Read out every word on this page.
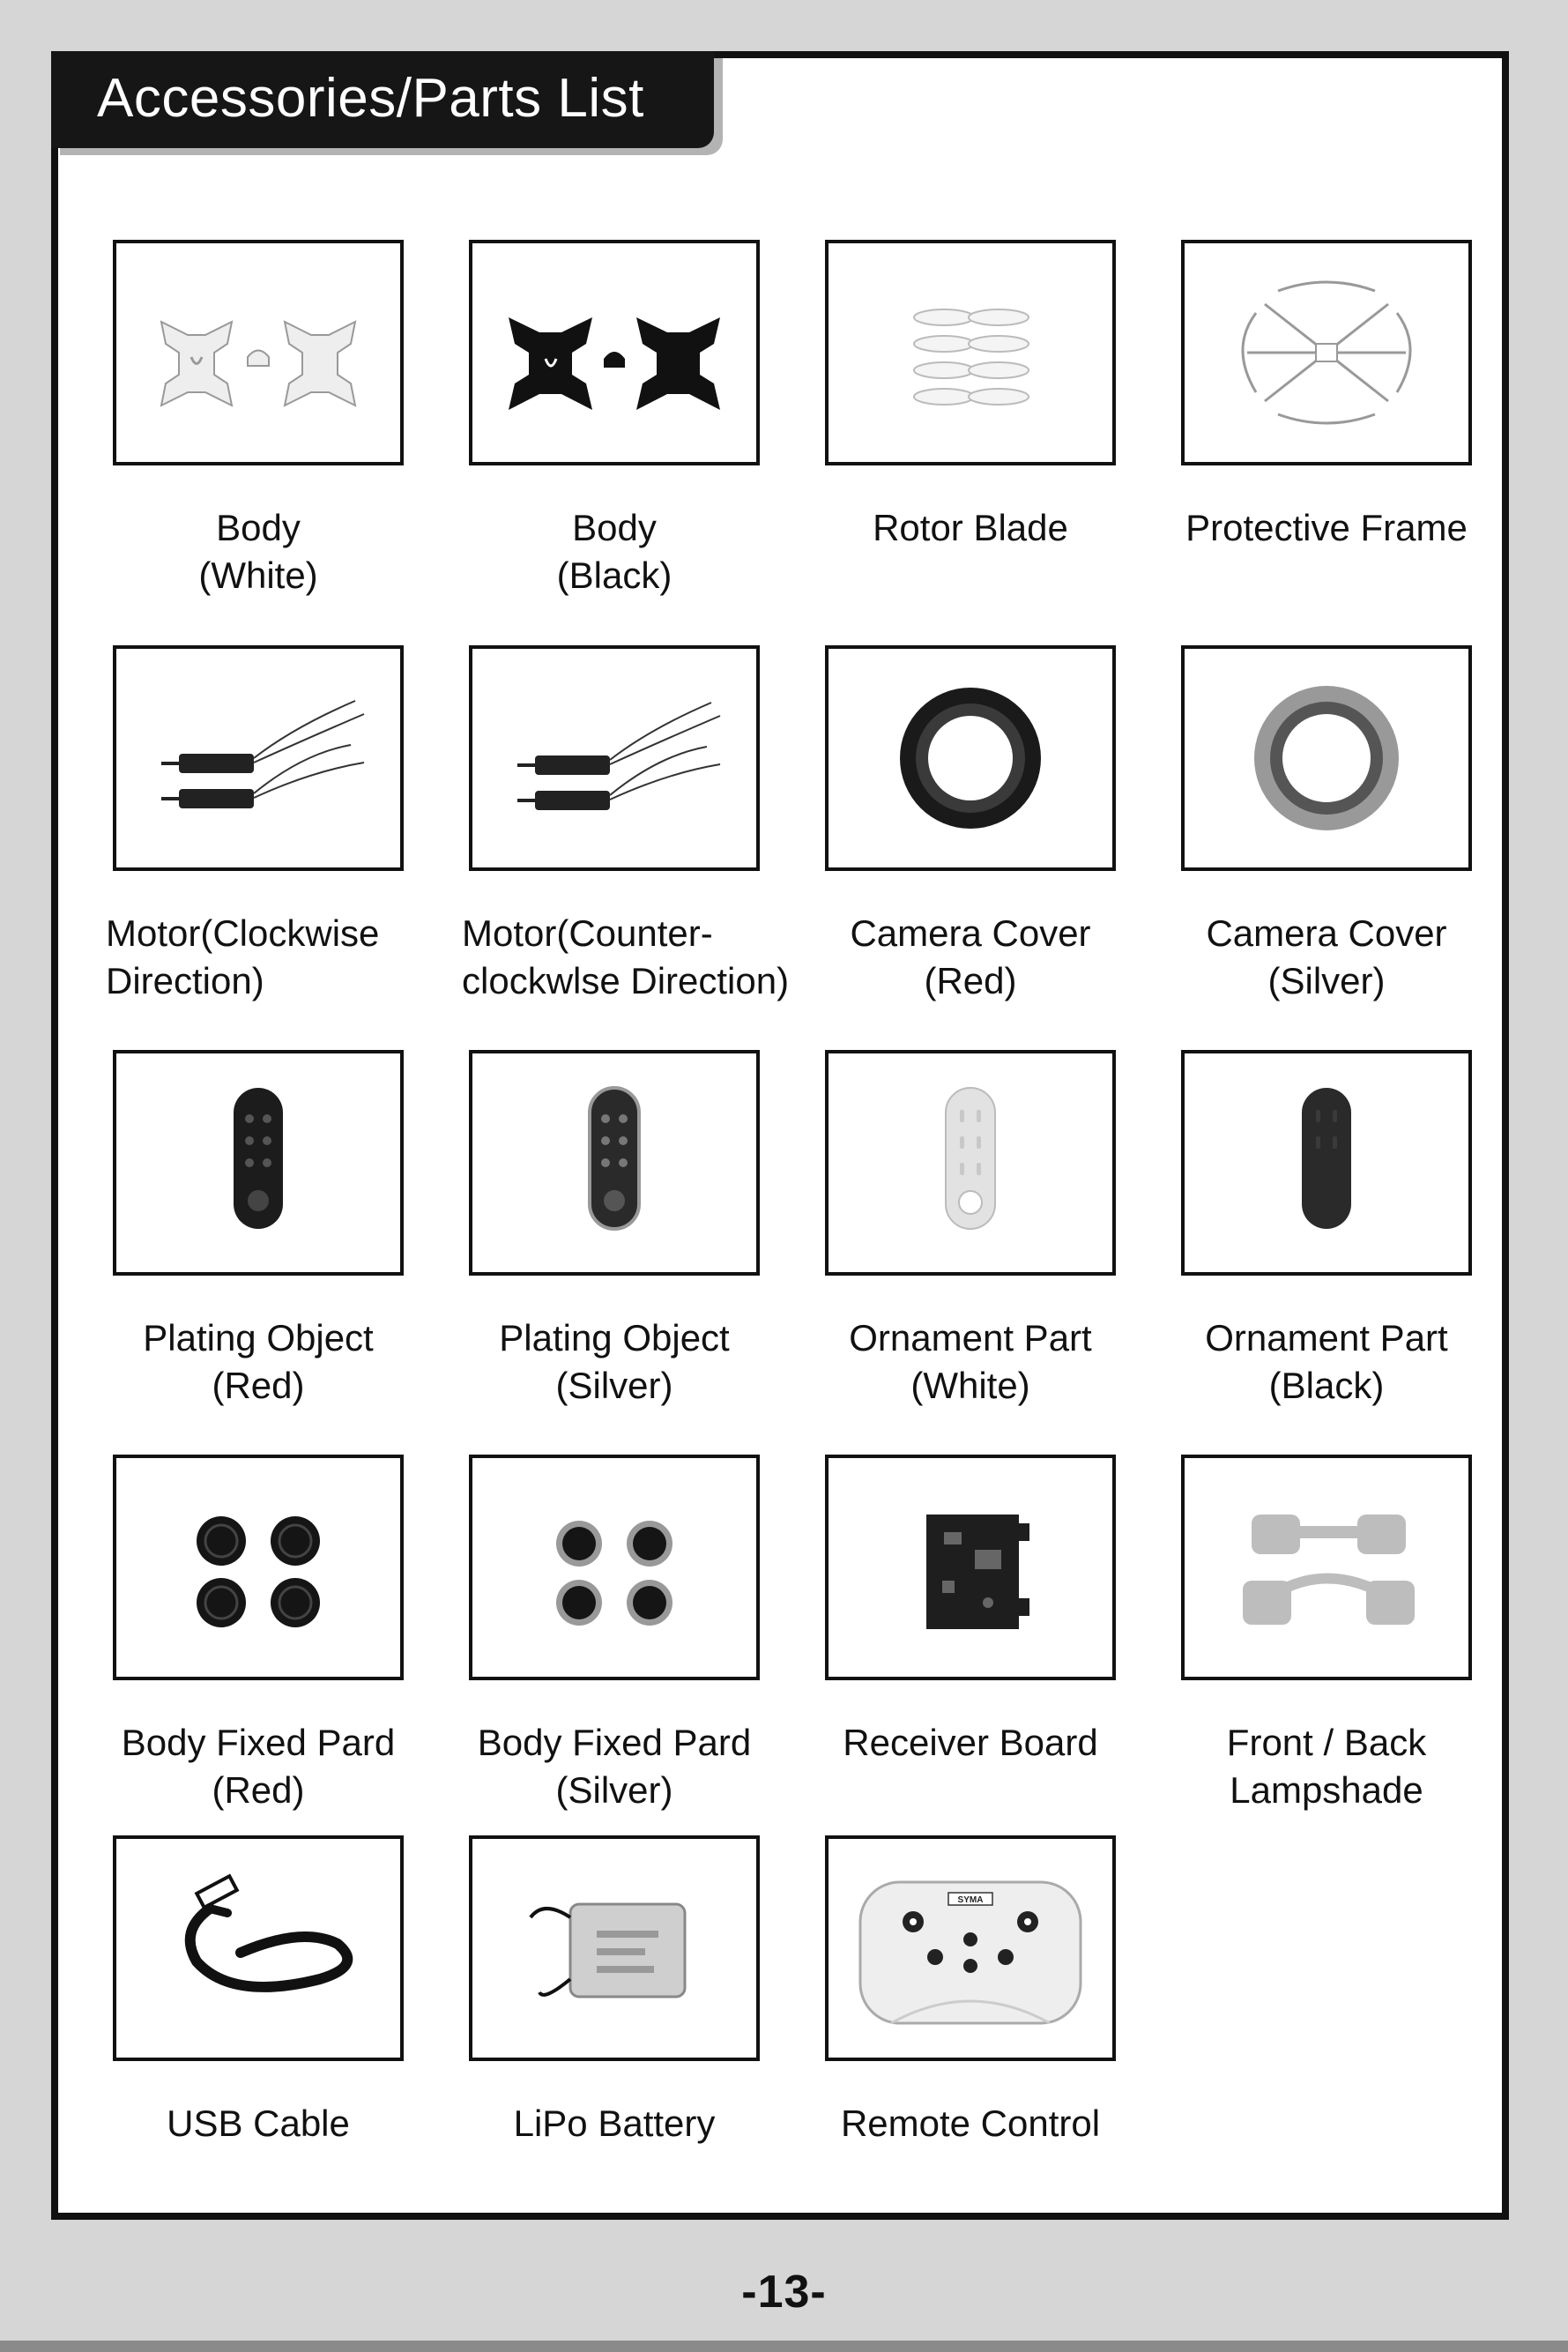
Accessories/Parts List
Body
(White)
Body
(Black)
Rotor Blade	Protective Frame
Motor(Clockwise
Direction)
Motor(Counter-
clockwlse Direction)
Camera Cover
(Red)
Camera Cover
(Silver)
Plating Object
(Red)
Plating Object
(Silver)
Ornament Part
(White)
Ornament Part
(Black)
Body Fixed Pard
(Red)
Body Fixed Pard
(Silver)
Receiver Board	Front / Back
Lampshade
USB Cable	LiPo Battery
SYMA
Remote Control
-13-
